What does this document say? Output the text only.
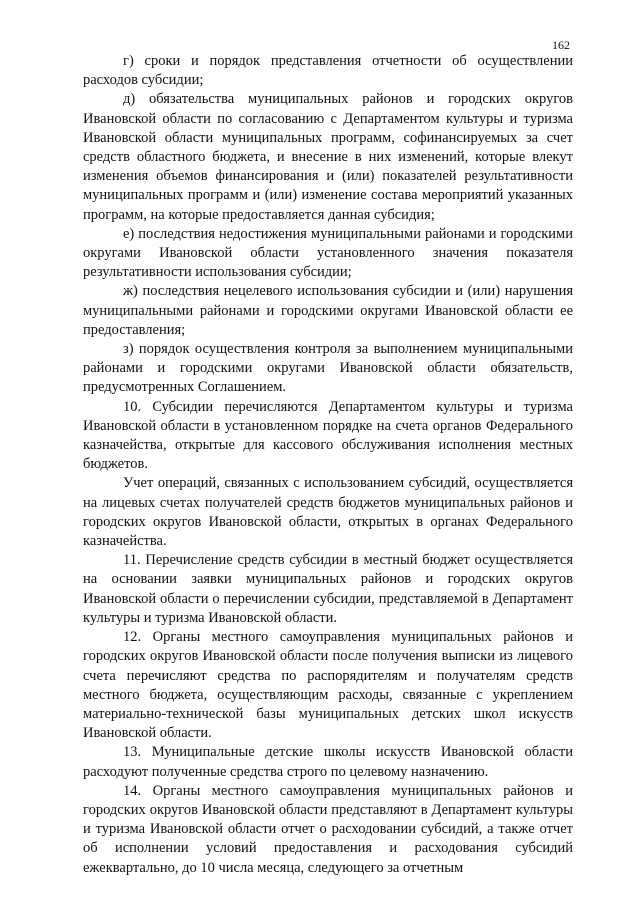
162

г) сроки и порядок представления отчетности об осуществлении расходов субсидии;

д) обязательства муниципальных районов и городских округов Ивановской области по согласованию с Департаментом культуры и туризма Ивановской области муниципальных программ, софинансируемых за счет средств областного бюджета, и внесение в них изменений, которые влекут изменения объемов финансирования и (или) показателей результативности муниципальных программ и (или) изменение состава мероприятий указанных программ, на которые предоставляется данная субсидия;

е) последствия недостижения муниципальными районами и городскими округами Ивановской области установленного значения показателя результативности использования субсидии;

ж) последствия нецелевого использования субсидии и (или) нарушения муниципальными районами и городскими округами Ивановской области ее предоставления;

з) порядок осуществления контроля за выполнением муниципальными районами и городскими округами Ивановской области обязательств, предусмотренных Соглашением.

10. Субсидии перечисляются Департаментом культуры и туризма Ивановской области в установленном порядке на счета органов Федерального казначейства, открытые для кассового обслуживания исполнения местных бюджетов.

Учет операций, связанных с использованием субсидий, осуществляется на лицевых счетах получателей средств бюджетов муниципальных районов и городских округов Ивановской области, открытых в органах Федерального казначейства.

11. Перечисление средств субсидии в местный бюджет осуществляется на основании заявки муниципальных районов и городских округов Ивановской области о перечислении субсидии, представляемой в Департамент культуры и туризма Ивановской области.

12. Органы местного самоуправления муниципальных районов и городских округов Ивановской области после получения выписки из лицевого счета перечисляют средства по распорядителям и получателям средств местного бюджета, осуществляющим расходы, связанные с укреплением материально-технической базы муниципальных детских школ искусств Ивановской области.

13. Муниципальные детские школы искусств Ивановской области расходуют полученные средства строго по целевому назначению.

14. Органы местного самоуправления муниципальных районов и городских округов Ивановской области представляют в Департамент культуры и туризма Ивановской области отчет о расходовании субсидий, а также отчет об исполнении условий предоставления и расходования субсидий ежеквартально, до 10 числа месяца, следующего за отчетным
